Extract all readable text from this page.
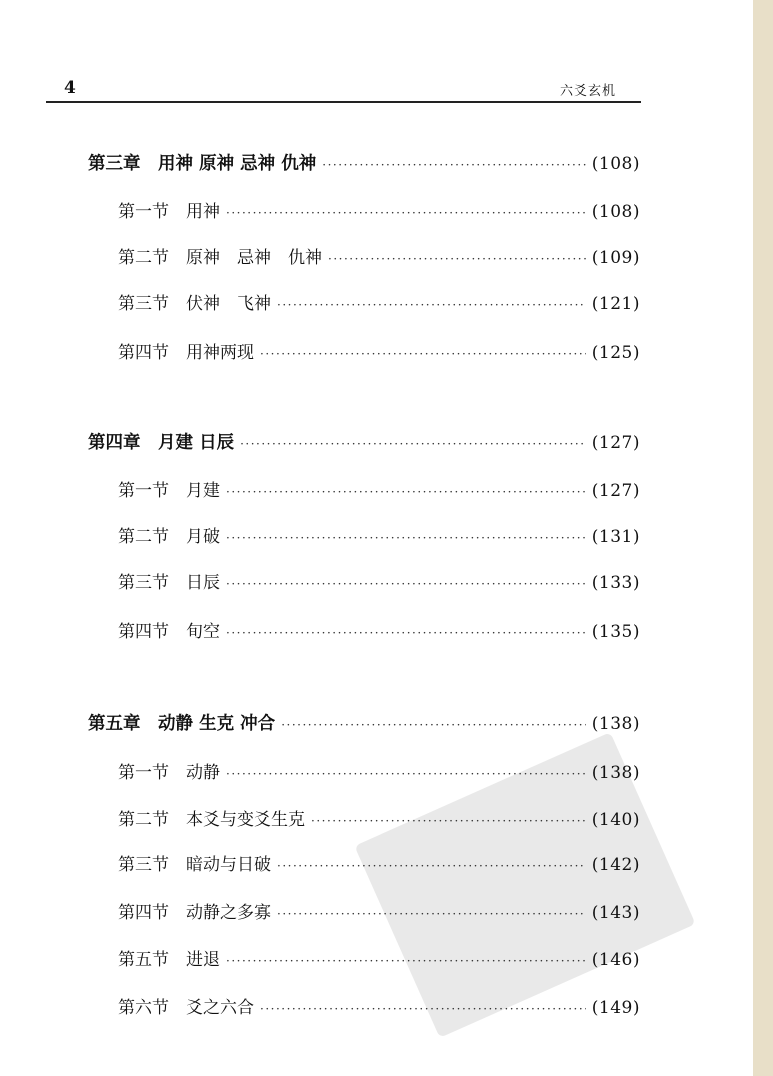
4	六爻玄机
第三章　用神 原神 忌神 仇神 ·····	(108)
第一节　用神 ·····	(108)
第二节　原神　忌神　仇神 ·····	(109)
第三节　伏神　飞神 ·····	(121)
第四节　用神两现 ·····	(125)
第四章　月建 日辰 ·····	(127)
第一节　月建 ·····	(127)
第二节　月破 ·····	(131)
第三节　日辰 ·····	(133)
第四节　旬空 ·····	(135)
第五章　动静 生克 冲合 ·····	(138)
第一节　动静 ·····	(138)
第二节　本爻与变爻生克 ·····	(140)
第三节　暗动与日破 ·····	(142)
第四节　动静之多寡 ·····	(143)
第五节　进退 ·····	(146)
第六节　爻之六合 ·····	(149)
